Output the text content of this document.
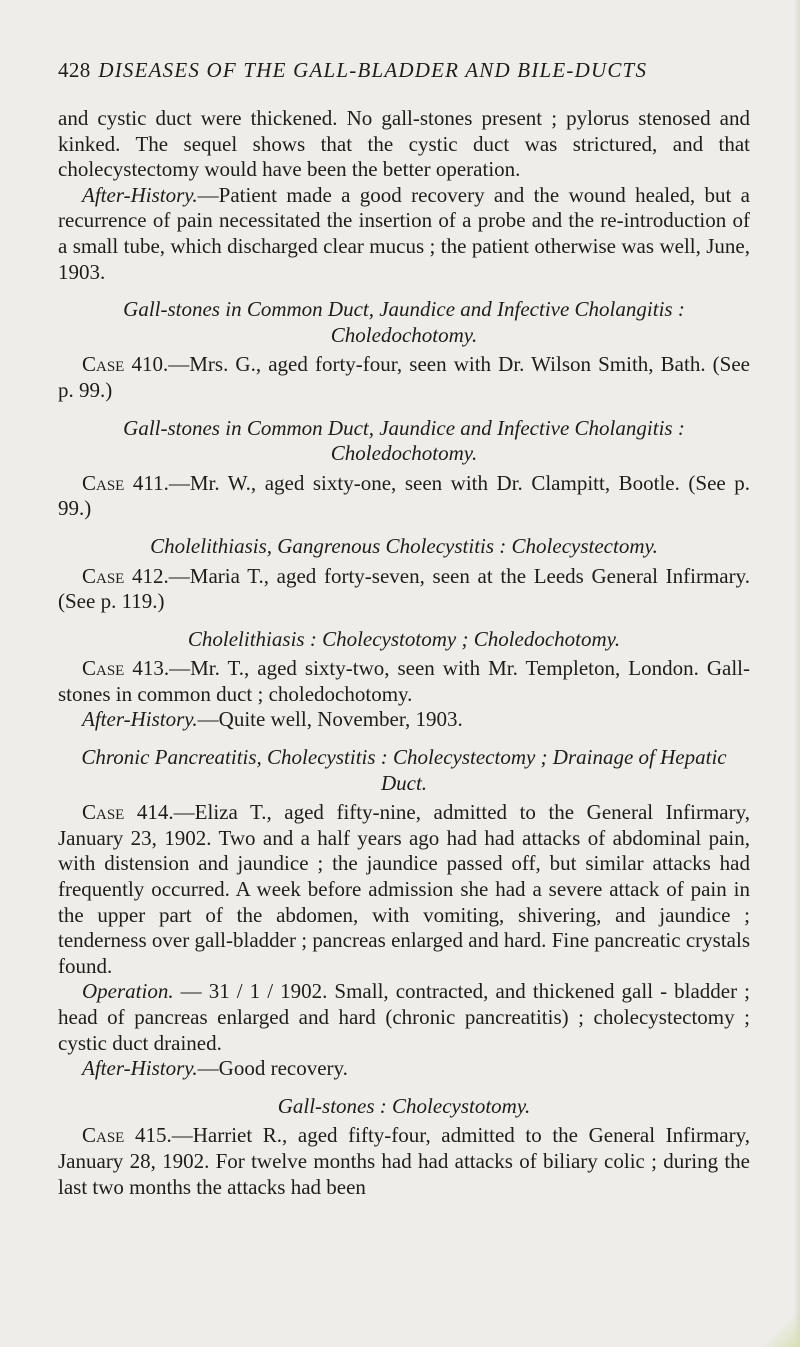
428 DISEASES OF THE GALL-BLADDER AND BILE-DUCTS

and cystic duct were thickened. No gall-stones present ; pylorus stenosed and kinked. The sequel shows that the cystic duct was strictured, and that cholecystectomy would have been the better operation.

After-History.—Patient made a good recovery and the wound healed, but a recurrence of pain necessitated the insertion of a probe and the re-introduction of a small tube, which discharged clear mucus ; the patient otherwise was well, June, 1903.

Gall-stones in Common Duct, Jaundice and Infective Cholangitis : Choledochotomy.

Case 410.—Mrs. G., aged forty-four, seen with Dr. Wilson Smith, Bath. (See p. 99.)

Gall-stones in Common Duct, Jaundice and Infective Cholangitis : Choledochotomy.

Case 411.—Mr. W., aged sixty-one, seen with Dr. Clampitt, Bootle. (See p. 99.)

Cholelithiasis, Gangrenous Cholecystitis : Cholecystectomy.

Case 412.—Maria T., aged forty-seven, seen at the Leeds General Infirmary. (See p. 119.)

Cholelithiasis : Cholecystotomy ; Choledochotomy.

Case 413.—Mr. T., aged sixty-two, seen with Mr. Templeton, London. Gall-stones in common duct ; choledochotomy.

After-History.—Quite well, November, 1903.

Chronic Pancreatitis, Cholecystitis : Cholecystectomy ; Drainage of Hepatic Duct.

Case 414.—Eliza T., aged fifty-nine, admitted to the General Infirmary, January 23, 1902. Two and a half years ago had had attacks of abdominal pain, with distension and jaundice ; the jaundice passed off, but similar attacks had frequently occurred. A week before admission she had a severe attack of pain in the upper part of the abdomen, with vomiting, shivering, and jaundice ; tenderness over gall-bladder ; pancreas enlarged and hard. Fine pancreatic crystals found.

Operation. — 31 / 1 / 1902. Small, contracted, and thickened gall - bladder ; head of pancreas enlarged and hard (chronic pancreatitis) ; cholecystectomy ; cystic duct drained.

After-History.—Good recovery.

Gall-stones : Cholecystotomy.

Case 415.—Harriet R., aged fifty-four, admitted to the General Infirmary, January 28, 1902. For twelve months had had attacks of biliary colic ; during the last two months the attacks had been
